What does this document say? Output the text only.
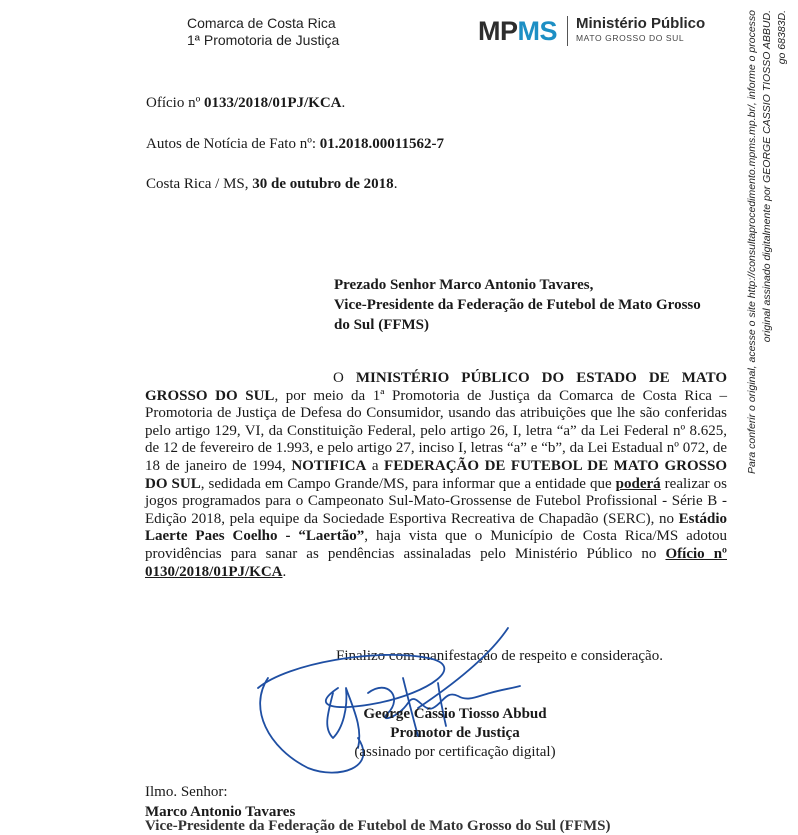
Comarca de Costa Rica
1ª Promotoria de Justiça	MPMS Ministério Público
MATO GROSSO DO SUL
Ofício nº 0133/2018/01PJ/KCA.
Autos de Notícia de Fato nº: 01.2018.00011562-7
Costa Rica / MS, 30 de outubro de 2018.
Prezado Senhor Marco Antonio Tavares,
Vice-Presidente da Federação de Futebol de Mato Grosso do Sul (FFMS)
O MINISTÉRIO PÚBLICO DO ESTADO DE MATO GROSSO DO SUL, por meio da 1ª Promotoria de Justiça da Comarca de Costa Rica – Promotoria de Justiça de Defesa do Consumidor, usando das atribuições que lhe são conferidas pelo artigo 129, VI, da Constituição Federal, pelo artigo 26, I, letra “a” da Lei Federal nº 8.625, de 12 de fevereiro de 1.993, e pelo artigo 27, inciso I, letras “a” e “b”, da Lei Estadual nº 072, de 18 de janeiro de 1994, NOTIFICA a FEDERAÇÃO DE FUTEBOL DE MATO GROSSO DO SUL, sedidada em Campo Grande/MS, para informar que a entidade que poderá realizar os jogos programados para o Campeonato Sul-Mato-Grossense de Futebol Profissional - Série B - Edição 2018, pela equipe da Sociedade Esportiva Recreativa de Chapadão (SERC), no Estádio Laerte Paes Coelho - “Laertão”, haja vista que o Município de Costa Rica/MS adotou providências para sanar as pendências assinaladas pelo Ministério Público no Ofício nº 0130/2018/01PJ/KCA.
Finalizo com manifestação de respeito e consideração.
George Cássio Tiosso Abbud
Promotor de Justiça
(assinado por certificação digital)
Ilmo. Senhor:
Marco Antonio Tavares
Vice-Presidente da Federação de Futebol de Mato Grosso do Sul (FFMS)
Para conferir o original, acesse o site http://consultaprocedimento.mpms.mp.br/, informe o processo original assinado digitalmente por GEORGE CASSIO TIOSSO ABBUD. go 68383D.
